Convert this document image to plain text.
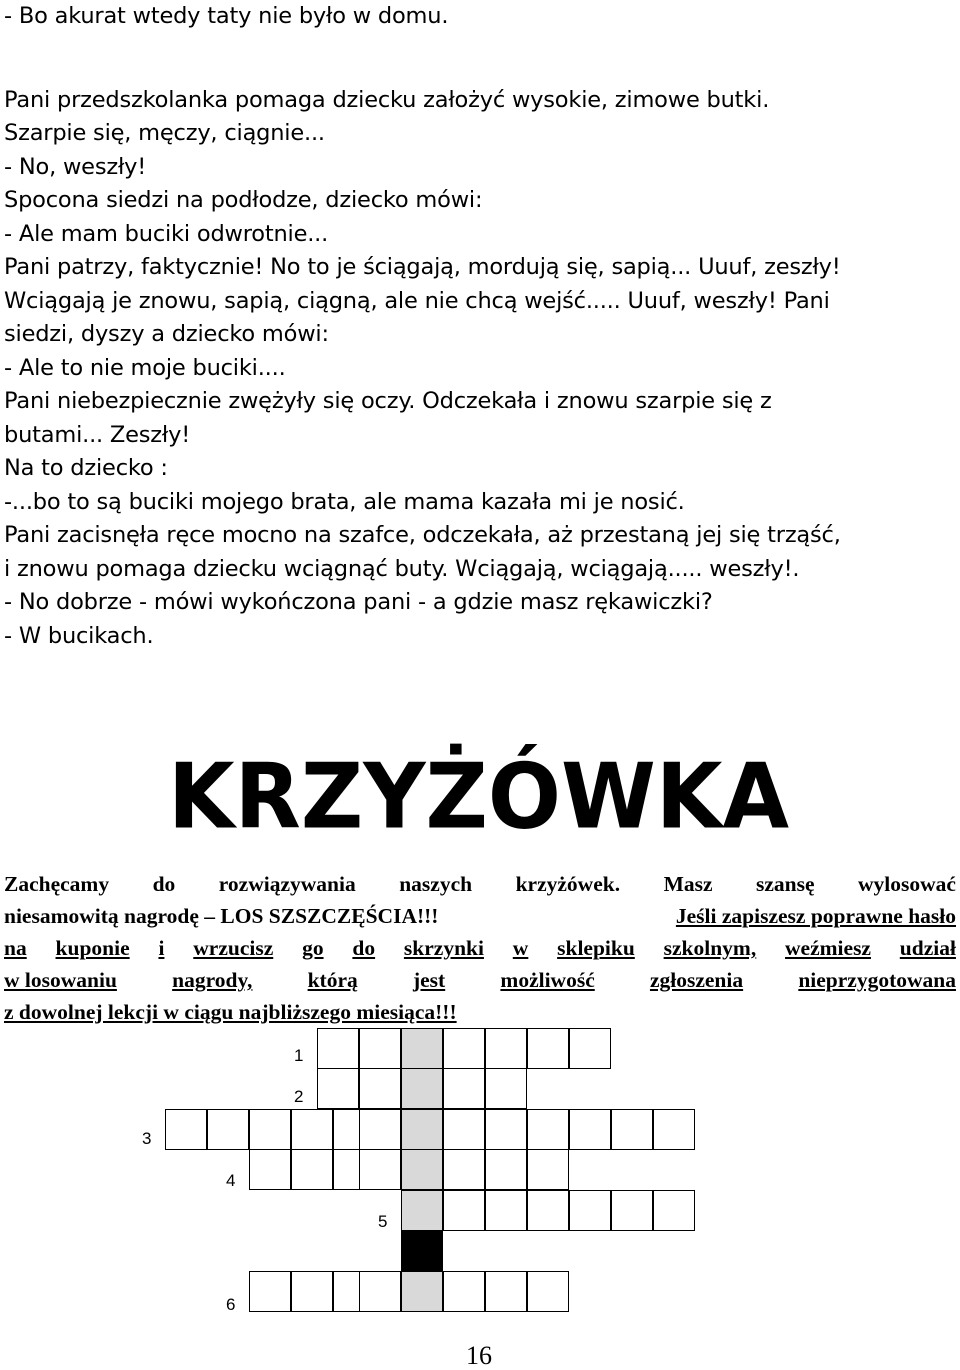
- Bo akurat wtedy taty nie było w domu.
Pani przedszkolanka pomaga dziecku założyć wysokie, zimowe butki.
Szarpie się, męczy, ciągnie...
- No, weszły!
Spocona siedzi na podłodze, dziecko mówi:
- Ale mam buciki odwrotnie...
Pani patrzy, faktycznie! No to je ściągają, mordują się, sapią... Uuuf, zeszły!
Wciągają je znowu, sapią, ciągną, ale nie chcą wejść..... Uuuf, weszły! Pani
siedzi, dyszy a dziecko mówi:
- Ale to nie moje buciki....
Pani niebezpiecznie zwężyły się oczy. Odczekała i znowu szarpie się z
butami... Zeszły!
Na to dziecko :
-...bo to są buciki mojego brata, ale mama kazała mi je nosić.
Pani zacisnęła ręce mocno na szafce, odczekała, aż przestaną jej się trząść,
i znowu pomaga dziecku wciągnąć buty. Wciągają, wciągają..... weszły!.
- No dobrze - mówi wykończona pani - a gdzie masz rękawiczki?
- W bucikach.
KRZYŻÓWKA
Zachęcamy do rozwiązywania naszych krzyżówek. Masz szansę wylosować
niesamowitą nagrodę – LOS SZSZCZĘŚCIA!!!	Jeśli zapiszesz poprawne hasło
na kuponie i wrzucisz go do skrzynki w sklepiku szkolnym, weźmiesz udział
w losowaniu	nagrody,	którą	jest	możliwość	zgłoszenia	nieprzygotowana
z dowolnej lekcji w ciągu najbliższego miesiąca!!!
1
2
3
4
5
6
16
